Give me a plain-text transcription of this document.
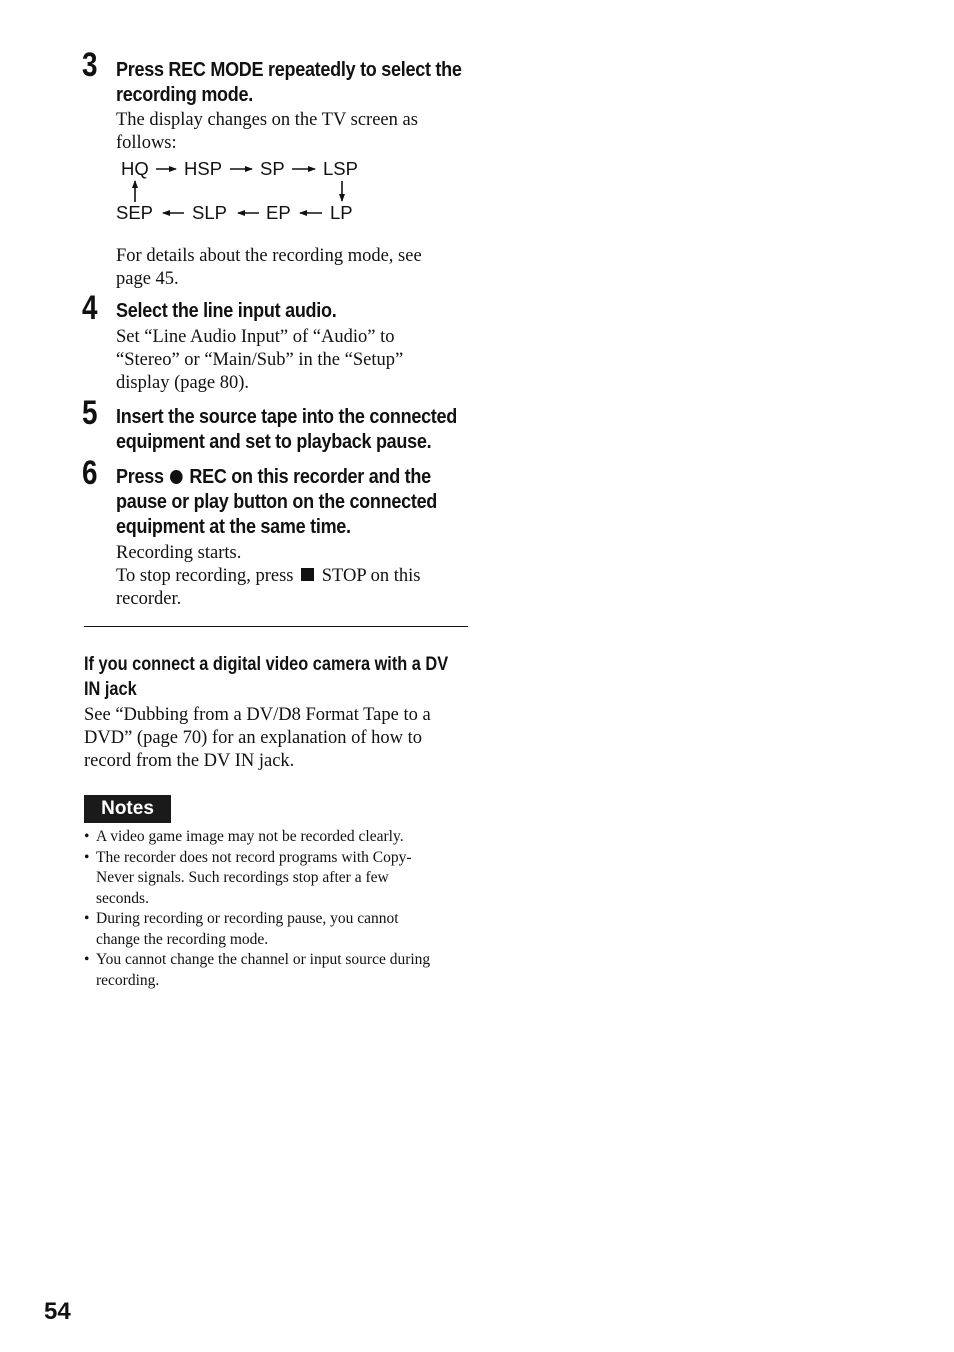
3 Press REC MODE repeatedly to select the
recording mode.

The display changes on the TV screen as

follows:

HQ HSP SP LSP
SEP SLP EP LP

For details about the recording mode, see

page 45.

4 Select the line input audio.

Set “Line Audio Input” of “Audio” to

“Stereo” or “Main/Sub” in the “Setup”

display (page 80).

5 Insert the source tape into the connected
equipment and set to playback pause.
6 Press REC on this recorder and the
pause or play button on the connected
equipment at the same time.

Recording starts.

To stop recording, press STOP on this

recorder.

If you connect a digital video camera with a DV
IN jack
See “Dubbing from a DV/D8 Format Tape to a
DVD” (page 70) for an explanation of how to
record from the DV IN jack.
Notes
• A video game image may not be recorded clearly.
• The recorder does not record programs with Copy-
Never signals. Such recordings stop after a few
seconds.
• During recording or recording pause, you cannot
change the recording mode.
• You cannot change the channel or input source during
recording.
54
